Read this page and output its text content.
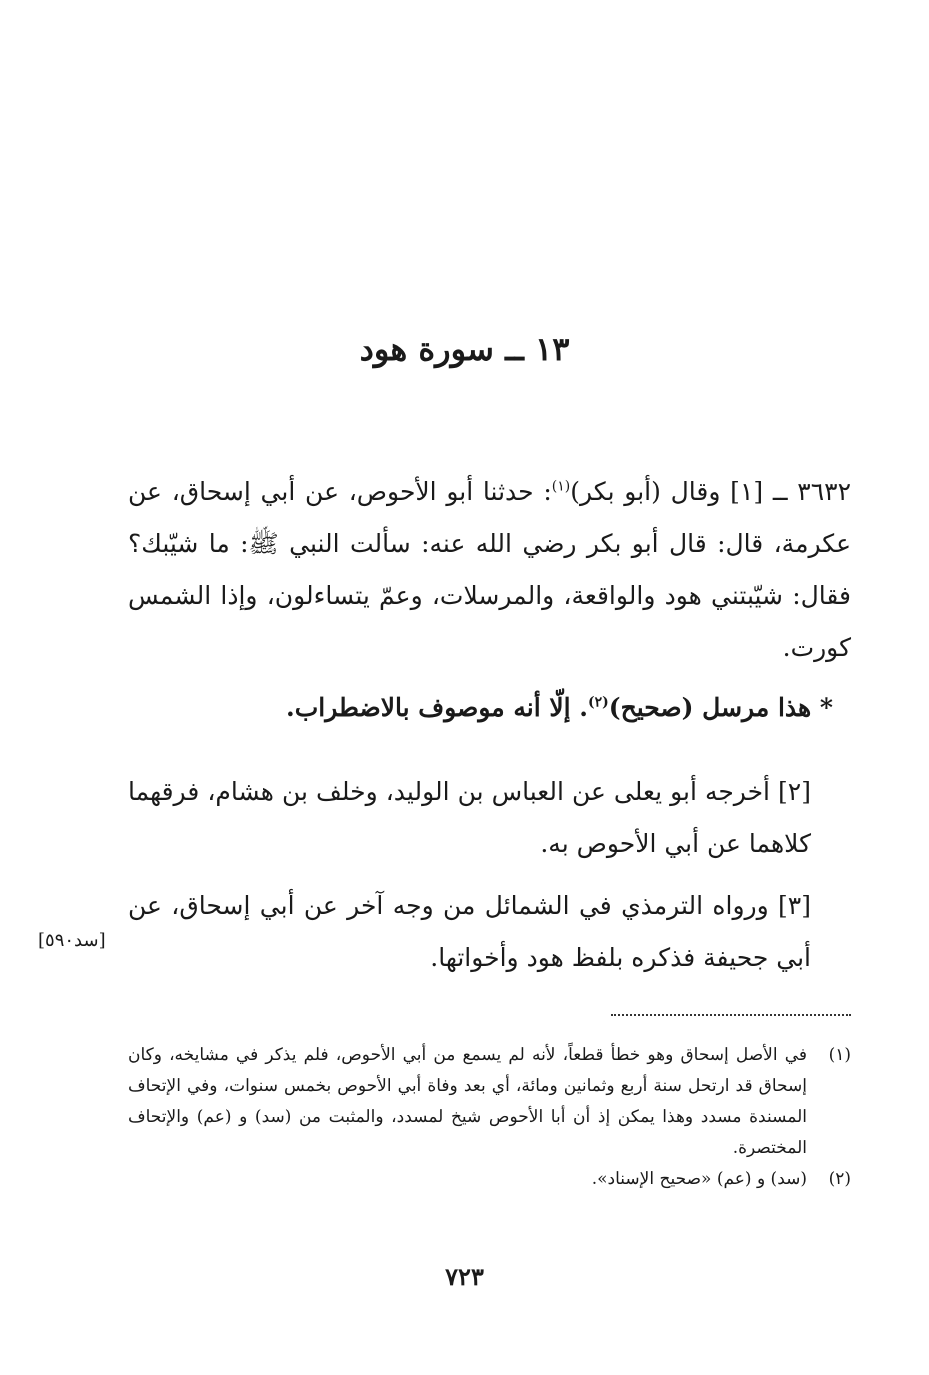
١٣ ــ سورة هود

٣٦٣٢ ــ [١] وقال (أبو بكر)$^{(١)}$: حدثنا أبو الأحوص، عن أبي إسحاق، عن عكرمة، قال: قال أبو بكر رضي الله عنه: سألت النبي ﷺ: ما شيّبك؟ فقال: شيّبتني هود والواقعة، والمرسلات، وعمّ يتساءلون، وإذا الشمس كورت.

* هذا مرسل (صحيح)$^{(٢)}$. إلّا أنه موصوف بالاضطراب.

[٢] أخرجه أبو يعلى عن العباس بن الوليد، وخلف بن هشام، فرقهما كلاهما عن أبي الأحوص به.

[٣] ورواه الترمذي في الشمائل من وجه آخر عن أبي إسحاق، عن أبي جحيفة فذكره بلفظ هود وأخواتها.

[سد٥٩٠]
(١)
في الأصل إسحاق وهو خطأ قطعاً، لأنه لم يسمع من أبي الأحوص، فلم يذكر في مشايخه، وكان إسحاق قد ارتحل سنة أربع وثمانين ومائة، أي بعد وفاة أبي الأحوص بخمس سنوات، وفي الإتحاف المسندة مسدد وهذا يمكن إذ أن أبا الأحوص شيخ لمسدد، والمثبت من (سد) و (عم) والإتحاف المختصرة.
(٢)
(سد) و (عم) «صحيح الإسناد».
٧٢٣
